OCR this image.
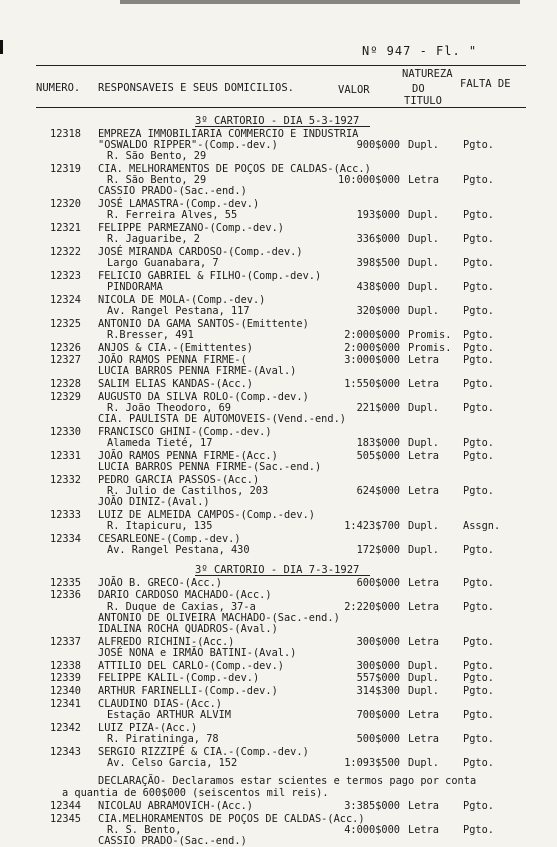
Nº 947 - Fl. "
NUMERO. RESPONSAVEIS E SEUS DOMICILIOS.	VALOR
NATUREZA
DO
TITULO
FALTA DE
3º CARTORIO - DIA 5-3-1927
12318 EMPREZA IMMOBILIARIA COMMERCIO E INDUSTRIA
"OSWALDO RIPPER"-(Comp.-dev.)
R. São Bento, 29
900$000 Dupl. Pgto.
12319 CIA. MELHORAMENTOS DE POÇOS DE CALDAS-(Acc.)
R. São Bento, 29
CASSIO PRADO-(Sac.-end.)
10:000$000 Letra Pgto.
12320 JOSÉ LAMASTRA-(Comp.-dev.)
R. Ferreira Alves, 55	193$000 Dupl. Pgto.
12321 FELIPPE PARMEZANO-(Comp.-dev.)
R. Jaguaribe, 2	336$000 Dupl. Pgto.
12322 JOSÉ MIRANDA CARDOSO-(Comp.-dev.)
Largo Guanabara, 7	398$500 Dupl. Pgto.
12323 FELICIO GABRIEL & FILHO-(Comp.-dev.)
PINDORAMA	438$000 Dupl. Pgto.
12324 NICOLA DE MOLA-(Comp.-dev.)
Av. Rangel Pestana, 117	320$000 Dupl. Pgto.
12325 ANTONIO DA GAMA SANTOS-(Emittente)
R.Bresser, 491	2:000$000 Promis. Pgto.
12326 ANJOS & CIA.-(Emittentes)	2:000$000 Promis. Pgto.
12327 JOÃO RAMOS PENNA FIRME-(
LUCIA BARROS PENNA FIRME-(Aval.)
3:000$000 Letra Pgto.
12328 SALIM ELIAS KANDAS-(Acc.)	1:550$000 Letra Pgto.
12329 AUGUSTO DA SILVA ROLO-(Comp.-dev.)
R. João Theodoro, 69
CIA. PAULISTA DE AUTOMOVEIS-(Vend.-end.)
221$000 Dupl. Pgto.
12330 FRANCISCO GHINI-(Comp.-dev.)
Alameda Tieté, 17	183$000 Dupl. Pgto.
12331 JOÃO RAMOS PENNA FIRME-(Acc.)
LUCIA BARROS PENNA FIRME-(Sac.-end.)
505$000 Letra Pgto.
12332 PEDRO GARCIA PASSOS-(Acc.)
R. Julio de Castilhos, 203
JOÃO DINIZ-(Aval.)
624$000 Letra Pgto.
12333 LUIZ DE ALMEIDA CAMPOS-(Comp.-dev.)
R. Itapicuru, 135	1:423$700 Dupl. Assgn.
12334 CESARLEONE-(Comp.-dev.)
Av. Rangel Pestana, 430	172$000 Dupl. Pgto.
3º CARTORIO - DIA 7-3-1927
12335 JOÃO B. GRECO-(Acc.)	600$000 Letra Pgto.
12336 DARIO CARDOSO MACHADO-(Acc.)
R. Duque de Caxias, 37-a
ANTONIO DE OLIVEIRA MACHADO-(Sac.-end.)
IDALINA ROCHA QUADROS-(Aval.)
2:220$000 Letra Pgto.
12337 ALFREDO RICHINI-(Acc.)
JOSÉ NONA e IRMÃO BATINI-(Aval.)
300$000 Letra Pgto.
12338 ATTILIO DEL CARLO-(Comp.-dev.)	300$000 Dupl. Pgto.
12339 FELIPPE KALIL-(Comp.-dev.)	557$000 Dupl. Pgto.
12340 ARTHUR FARINELLI-(Comp.-dev.)	314$300 Dupl. Pgto.
12341 CLAUDINO DIAS-(Acc.)
Estação ARTHUR ALVIM	700$000 Letra Pgto.
12342 LUIZ PIZA-(Acc.)
R. Piratininga, 78	500$000 Letra Pgto.
12343 SERGIO RIZZIPÉ & CIA.-(Comp.-dev.)
Av. Celso Garcia, 152	1:093$500 Dupl. Pgto.
DECLARAÇÃO- Declaramos estar scientes e termos pago por conta
a quantia de 600$000 (seiscentos mil reis).
12344 NICOLAU ABRAMOVICH-(Acc.)	3:385$000 Letra Pgto.
12345 CIA.MELHORAMENTOS DE POÇOS DE CALDAS-(Acc.)
R. S. Bento,
CASSIO PRADO-(Sac.-end.)
4:000$000 Letra Pgto.
